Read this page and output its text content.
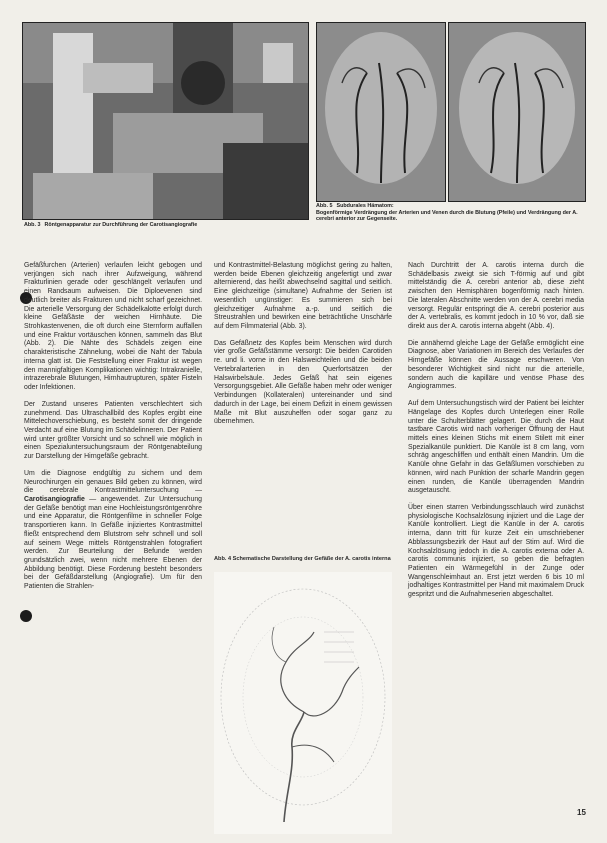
Abb. 3 Röntgenapparatur zur Durchführung der Carotisangiografie
Abb. 5 Subdurales Hämatom:
Bogenförmige Verdrängung der Arterien und Venen durch die Blutung (Pfeile) und Verdrängung der A. cerebri anterior zur Gegenseite.

Gefäßfurchen (Arterien) verlaufen leicht gebogen und verjüngen sich nach ihrer Aufzweigung, während Frakturlinien gerade oder geschlängelt verlaufen und einen Randsaum aufweisen. Die Diploevenen sind deutlich breiter als Frakturen und nicht scharf gezeichnet. Die arterielle Versorgung der Schädelkalotte erfolgt durch kleine Gefäßäste der weichen Hirnhäute. Die Strohkastenvenen, die oft durch eine Sternform auffallen und eine Fraktur vortäuschen können, sammeln das Blut (Abb. 2). Die Nähte des Schädels zeigen eine charakteristische Zähnelung, wobei die Naht der Tabula interna glatt ist. Die Feststellung einer Fraktur ist wegen den mannigfaltigen Komplikationen wichtig: Intrakranielle, intrazerebrale Blutungen, Hirnhautrupturen, später Fisteln oder Infektionen.

Der Zustand unseres Patienten verschlechtert sich zunehmend. Das Ultraschallbild des Kopfes ergibt eine Mittelechoverschiebung, es besteht somit der dringende Verdacht auf eine Blutung im Schädelinneren. Der Patient wird unter größter Vorsicht und so schnell wie möglich in einen Spezialuntersuchungsraum der Röntgenabteilung zur Darstellung der Hirngefäße gebracht.

Um die Diagnose endgültig zu sichern und dem Neurochirurgen ein genaues Bild geben zu können, wird die cerebrale Kontrastmitteluntersuchung — Carotisangiografie — angewendet. Zur Untersuchung der Gefäße benötigt man eine Hochleistungsröntgenröhre und eine Apparatur, die Röntgenfilme in schneller Folge transportieren kann. In Gefäße injiziertes Kontrastmittel fließt entsprechend dem Blutstrom sehr schnell und soll auf seinem Wege mittels Röntgenstrahlen fotografiert werden. Zur Beurteilung der Befunde werden grundsätzlich zwei, wenn nicht mehrere Ebenen der Abbildung benötigt. Diese Forderung besteht besonders bei der Gefäßdarstellung (Angiografie). Um für den Patienten die Strahlen-

und Kontrastmittel-Belastung möglichst gering zu halten, werden beide Ebenen gleichzeitig angefertigt und zwar alternierend, das heißt abwechselnd sagittal und seitlich. Eine gleichzeitige (simultane) Aufnahme der Serien ist wesentlich ungünstiger: Es summieren sich bei gleichzeitiger Aufnahme a.-p. und seitlich die Streustrahlen und bewirken eine beträchtliche Unschärfe auf dem Filmmaterial (Abb. 3).

Das Gefäßnetz des Kopfes beim Menschen wird durch vier große Gefäßstämme versorgt: Die beiden Carotiden re. und li. vorne in den Halsweichteilen und die beiden Vertebralarterien in den Querfortsätzen der Halswirbelsäule. Jedes Gefäß hat sein eigenes Versorgungsgebiet. Alle Gefäße haben mehr oder weniger Verbindungen (Kollateralen) untereinander und sind dadurch in der Lage, bei einem Defizit in einem gewissen Maße mit Blut auszuhelfen oder sogar ganz zu übernehmen.

Abb. 4 Schematische Darstellung der Gefäße der A. carotis interna

Nach Durchtritt der A. carotis interna durch die Schädelbasis zweigt sie sich T-förmig auf und gibt mittelständig die A. cerebri anterior ab, diese zieht zwischen den Hemisphären bogenförmig nach hinten. Die lateralen Abschnitte werden von der A. cerebri media versorgt. Regulär entspringt die A. cerebri posterior aus der A. vertebralis, es kommt jedoch in 10 % vor, daß sie direkt aus der A. carotis interna abgeht (Abb. 4).

Die annähernd gleiche Lage der Gefäße ermöglicht eine Diagnose, aber Variationen im Bereich des Verlaufes der Hirngefäße können die Aussage erschweren. Von besonderer Wichtigkeit sind nicht nur die arterielle, sondern auch die kapilläre und venöse Phase des Angiogrammes.

Auf dem Untersuchungstisch wird der Patient bei leichter Hängelage des Kopfes durch Unterlegen einer Rolle unter die Schulterblätter gelagert. Die durch die Haut tastbare Carotis wird nach vorheriger Öffnung der Haut mittels eines kleinen Stichs mit einem Stilett mit einer Spezialkanüle punktiert. Die Kanüle ist 8 cm lang, vorn schräg angeschliffen und enthält einen Mandrin. Um die Kanüle ohne Gefahr in das Gefäßlumen vorschieben zu können, wird nach Punktion der scharfe Mandrin gegen einen runden, die Kanüle überragenden Mandrin ausgetauscht.

Über einen starren Verbindungsschlauch wird zunächst physiologische Kochsalzlösung injiziert und die Lage der Kanüle kontrolliert. Liegt die Kanüle in der A. carotis interna, dann tritt für kurze Zeit ein umschriebener Abblassungsbezirk der Haut auf der Stirn auf. Wird die Kochsalzlösung jedoch in die A. carotis externa oder A. carotis communis injiziert, so geben die befragten Patienten ein Wärmegefühl in der Zunge oder Wangenschleimhaut an. Erst jetzt werden 6 bis 10 ml jodhaltiges Kontrastmittel per Hand mit maximalem Druck gespritzt und die Aufnahmeserien abgeschaltet.

15
